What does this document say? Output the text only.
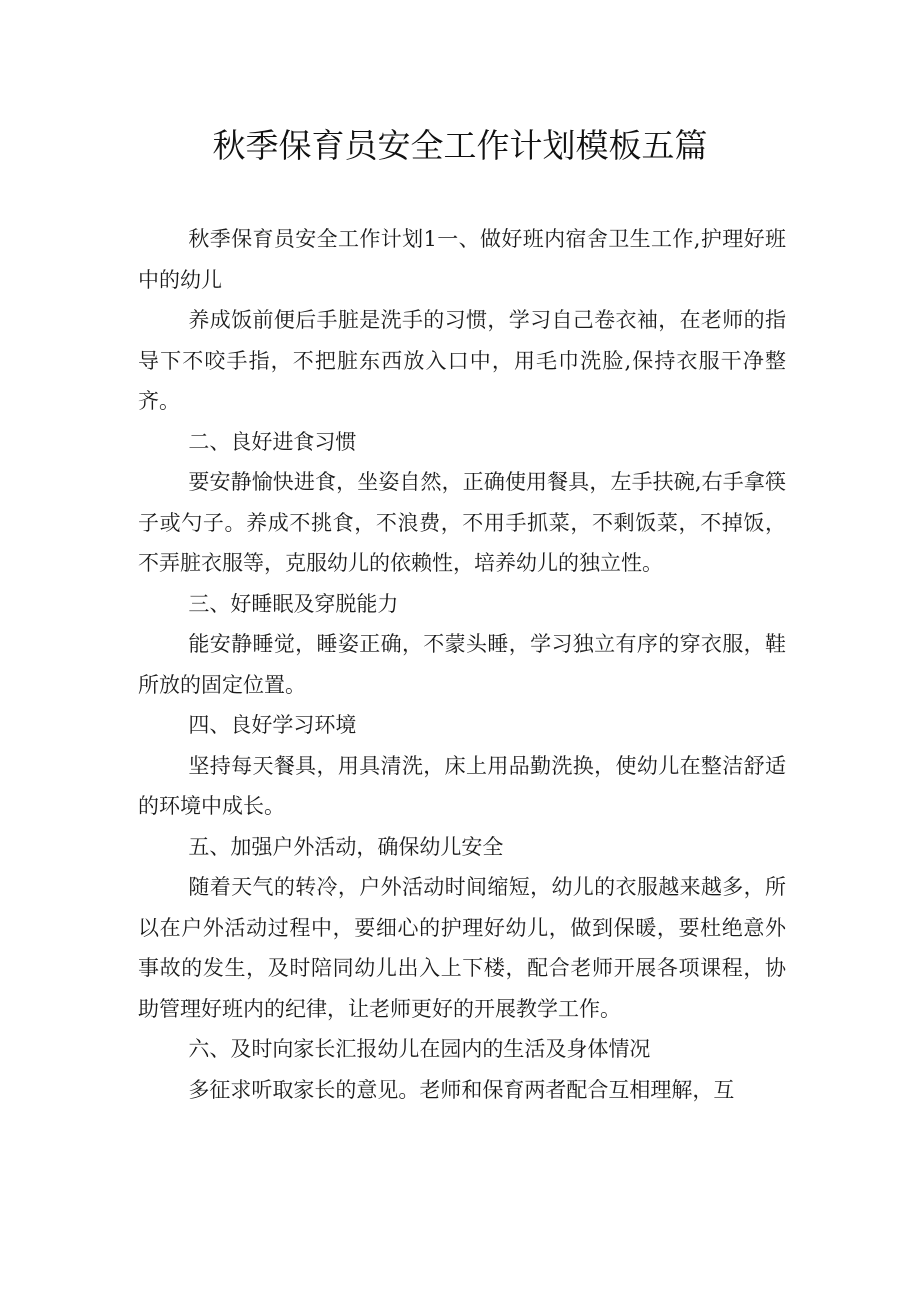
秋季保育员安全工作计划模板五篇

秋季保育员安全工作计划1一、做好班内宿舍卫生工作,护理好班中的幼儿

养成饭前便后手脏是洗手的习惯，学习自己卷衣袖，在老师的指导下不咬手指，不把脏东西放入口中，用毛巾洗脸,保持衣服干净整齐。

二、良好进食习惯

要安静愉快进食，坐姿自然，正确使用餐具，左手扶碗,右手拿筷子或勺子。养成不挑食，不浪费，不用手抓菜，不剩饭菜，不掉饭，不弄脏衣服等，克服幼儿的依赖性，培养幼儿的独立性。

三、好睡眠及穿脱能力

能安静睡觉，睡姿正确，不蒙头睡，学习独立有序的穿衣服，鞋所放的固定位置。

四、良好学习环境

坚持每天餐具，用具清洗，床上用品勤洗换，使幼儿在整洁舒适的环境中成长。

五、加强户外活动，确保幼儿安全

随着天气的转冷，户外活动时间缩短，幼儿的衣服越来越多，所以在户外活动过程中，要细心的护理好幼儿，做到保暖，要杜绝意外事故的发生，及时陪同幼儿出入上下楼，配合老师开展各项课程，协助管理好班内的纪律，让老师更好的开展教学工作。

六、及时向家长汇报幼儿在园内的生活及身体情况

多征求听取家长的意见。老师和保育两者配合互相理解，互
